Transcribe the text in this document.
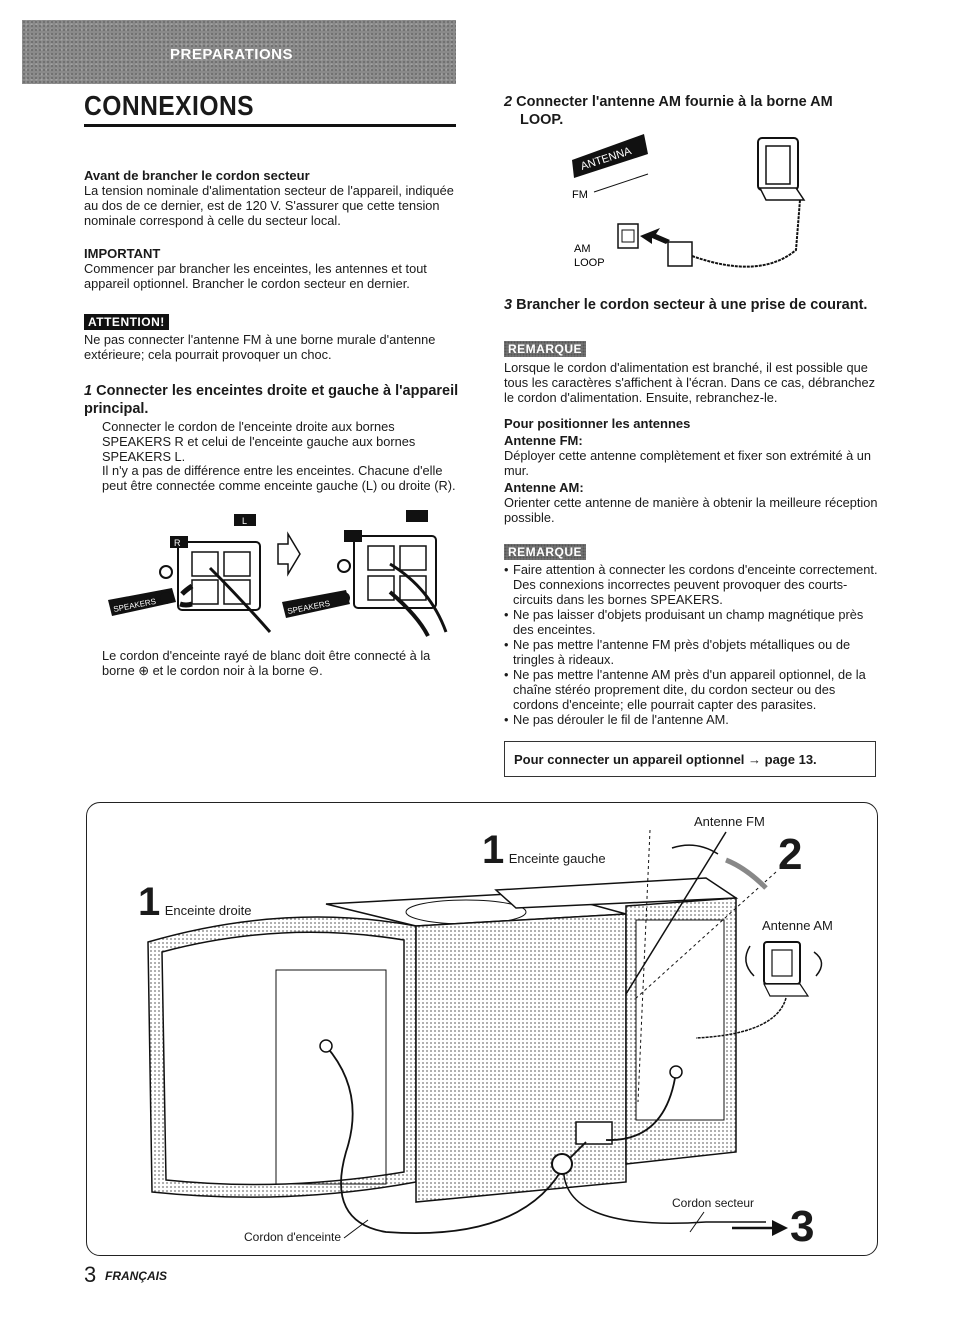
PREPARATIONS
CONNEXIONS
Avant de brancher le cordon secteur
La tension nominale d'alimentation secteur de l'appareil, indiquée au dos de ce dernier, est de 120 V. S'assurer que cette tension nominale correspond à celle du secteur local.
IMPORTANT
Commencer par brancher les enceintes, les antennes et tout appareil optionnel. Brancher le cordon secteur en dernier.
ATTENTION!
Ne pas connecter l'antenne FM à une borne murale d'antenne extérieure; cela pourrait provoquer un choc.
1 Connecter les enceintes droite et gauche à l'appareil principal.
Connecter le cordon de l'enceinte droite aux bornes SPEAKERS R et celui de l'enceinte gauche aux bornes SPEAKERS L.
Il n'y a pas de différence entre les enceintes. Chacune d'elle peut être connectée comme enceinte gauche (L) ou droite (R).
R
L
SPEAKERS	SPEAKERS
Le cordon d'enceinte rayé de blanc doit être connecté à la borne ⊕ et le cordon noir à la borne ⊖.
2 Connecter l'antenne AM fournie à la borne AM LOOP.
ANTENNA
FM
AM
LOOP
3 Brancher le cordon secteur à une prise de courant.
REMARQUE
Lorsque le cordon d'alimentation est branché, il est possible que tous les caractères s'affichent à l'écran. Dans ce cas, débranchez le cordon d'alimentation. Ensuite, rebranchez-le.
Pour positionner les antennes
Antenne FM:
Déployer cette antenne complètement et fixer son extrémité à un mur.
Antenne AM:
Orienter cette antenne de manière à obtenir la meilleure réception possible.
REMARQUE
• Faire attention à connecter les cordons d'enceinte correctement. Des connexions incorrectes peuvent provoquer des courts-circuits dans les bornes SPEAKERS.
• Ne pas laisser d'objets produisant un champ magnétique près des enceintes.
• Ne pas mettre l'antenne FM près d'objets métalliques ou de tringles à rideaux.
• Ne pas mettre l'antenne AM près d'un appareil optionnel, de la chaîne stéréo proprement dite, du cordon secteur ou des cordons d'enceinte; elle pourrait capter des parasites.
• Ne pas dérouler le fil de l'antenne AM.
Pour connecter un appareil optionnel → page 13.
1 Enceinte droite
1 Enceinte gauche
Antenne FM
Antenne AM
2
Cordon secteur 3
Cordon d'enceinte
3 FRANÇAIS
